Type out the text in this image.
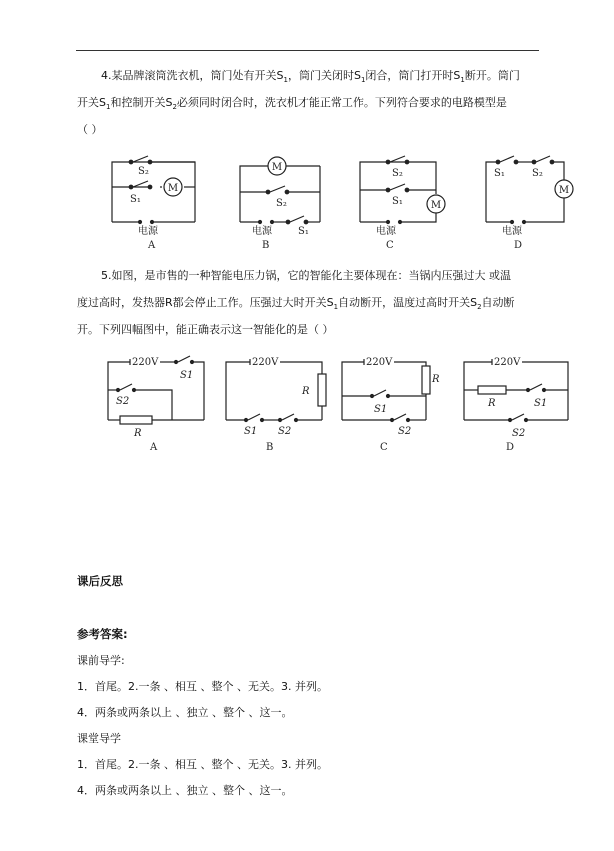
4.某品牌滚筒洗衣机，筒门处有开关$S_1$，筒门关闭时$S_1$闭合，筒门打开时$S_1$断开。筒门
开关$S_1$和控制开关$S_2$必须同时闭合时，洗衣机才能正常工作。下列符合要求的电路模型是
（ ）
M
S₂
S₁
电源
A
M
S₂
S₁
电源
B
M
S₂
S₁
电源
C
M
S₁	S₂
电源
D
5.如图，是市售的一种智能电压力锅，它的智能化主要体现在：当锅内压强过大 或温
度过高时，发热器R都会停止工作。压强过大时开关$S_1$自动断开，温度过高时开关$S_2$自动断
开。下列四幅图中，能正确表示这一智能化的是（ ）
220V
S1
S2
R
A
220V
R
S1 S2
B
220V
R
S1
S2
C
220V
R	S1
S2
D
课后反思
参考答案:
课前导学:
1．首尾。2.一条 、相互 、整个 、无关。3. 并列。
4．两条或两条以上 、独立 、整个 、这一。
课堂导学
1．首尾。2.一条 、相互 、整个 、无关。3. 并列。
4．两条或两条以上 、独立 、整个 、这一。
